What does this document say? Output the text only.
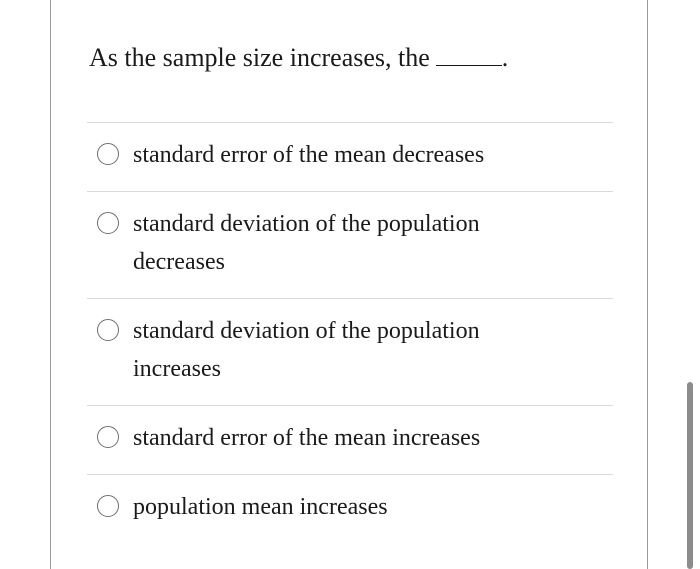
As the sample size increases, the	.
standard error of the mean decreases
standard deviation of the population decreases
standard deviation of the population increases
standard error of the mean increases
population mean increases
